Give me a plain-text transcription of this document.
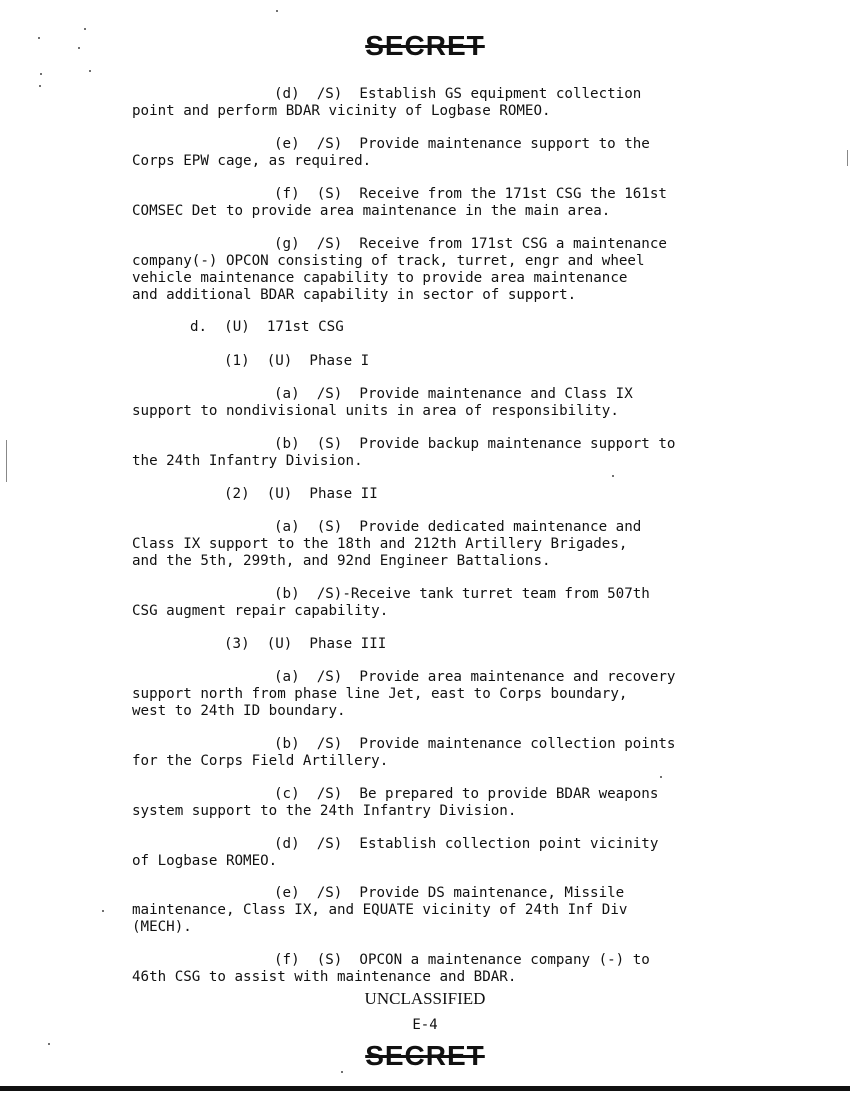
SECRET
(d)  /S)  Establish GS equipment collection
point and perform BDAR vicinity of Logbase ROMEO.
(e)  /S)  Provide maintenance support to the
Corps EPW cage, as required.
(f)  (S)  Receive from the 171st CSG the 161st
COMSEC Det to provide area maintenance in the main area.
(g)  /S)  Receive from 171st CSG a maintenance
company(-) OPCON consisting of track, turret, engr and wheel
vehicle maintenance capability to provide area maintenance
and additional BDAR capability in sector of support.
d.  (U)  171st CSG
(1)  (U)  Phase I
(a)  /S)  Provide maintenance and Class IX
support to nondivisional units in area of responsibility.
(b)  (S)  Provide backup maintenance support to
the 24th Infantry Division.
(2)  (U)  Phase II
(a)  (S)  Provide dedicated maintenance and
Class IX support to the 18th and 212th Artillery Brigades,
and the 5th, 299th, and 92nd Engineer Battalions.
(b)  /S)-Receive tank turret team from 507th
CSG augment repair capability.
(3)  (U)  Phase III
(a)  /S)  Provide area maintenance and recovery
support north from phase line Jet, east to Corps boundary,
west to 24th ID boundary.
(b)  /S)  Provide maintenance collection points
for the Corps Field Artillery.
(c)  /S)  Be prepared to provide BDAR weapons
system support to the 24th Infantry Division.
(d)  /S)  Establish collection point vicinity
of Logbase ROMEO.
(e)  /S)  Provide DS maintenance, Missile
maintenance, Class IX, and EQUATE vicinity of 24th Inf Div
(MECH).
(f)  (S)  OPCON a maintenance company (-) to
46th CSG to assist with maintenance and BDAR.
UNCLASSIFIED
E-4
SECRET
